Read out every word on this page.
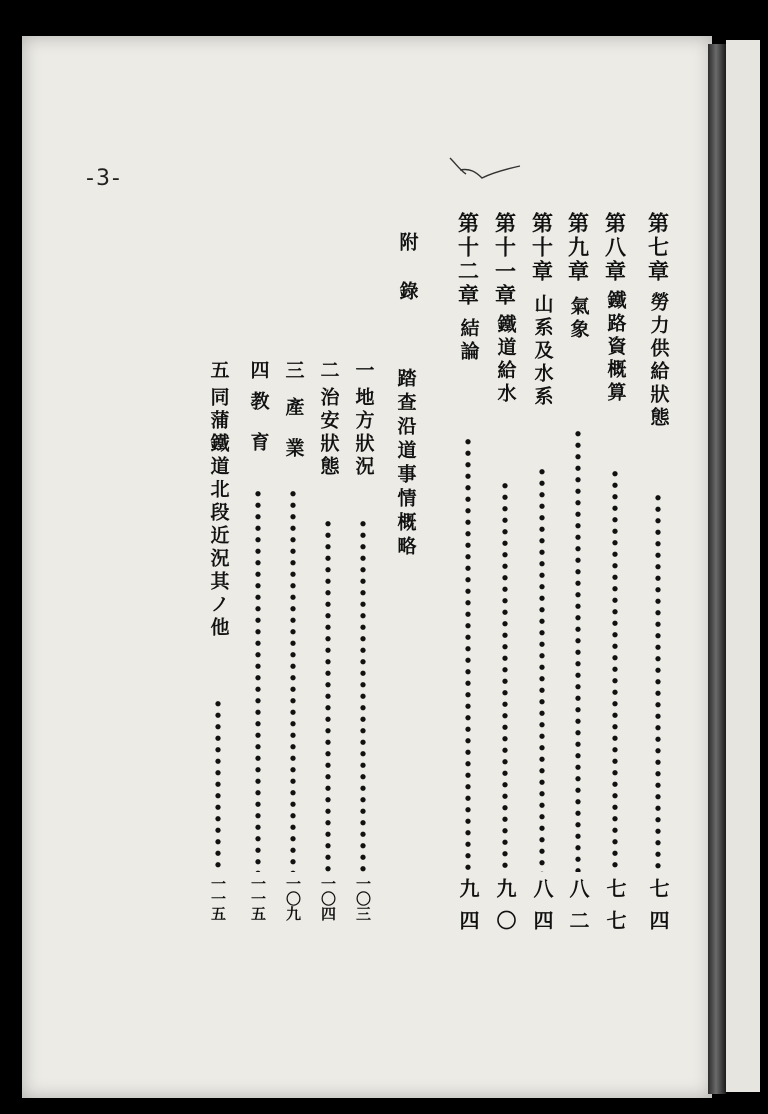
-3-
第七章
勞力供給狀態
七四
第八章
鐵路資概算
七七
第九章
氣象
八二
第十章
山系及水系
八四
第十一章
鐵道給水
九〇
第十二章
結論
九四
附錄
踏查沿道事情概略
一
地方狀況
一〇三
二
治安狀態
一〇四
三
產業
一〇九
四
教育
一一五
五
同蒲鐵道北段近況其ノ他
一一五
